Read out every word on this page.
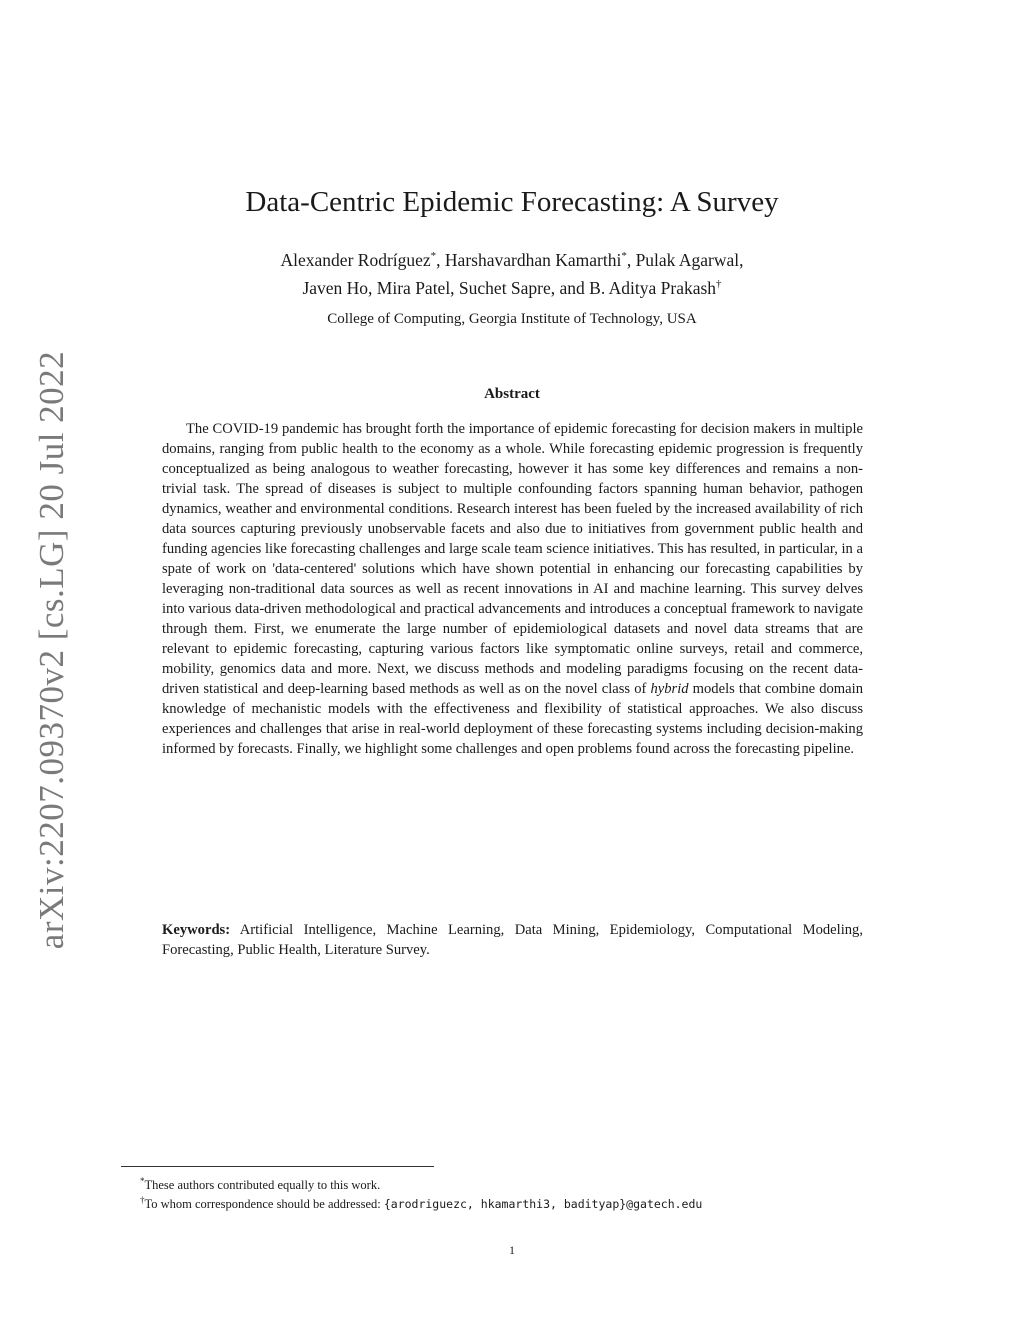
arXiv:2207.09370v2 [cs.LG] 20 Jul 2022
Data-Centric Epidemic Forecasting: A Survey
Alexander Rodríguez*, Harshavardhan Kamarthi*, Pulak Agarwal,
Javen Ho, Mira Patel, Suchet Sapre, and B. Aditya Prakash†
College of Computing, Georgia Institute of Technology, USA
Abstract

The COVID-19 pandemic has brought forth the importance of epidemic forecasting for decision makers in multiple domains, ranging from public health to the economy as a whole. While forecasting epidemic progression is frequently conceptualized as being analogous to weather forecasting, however it has some key differences and remains a non-trivial task. The spread of diseases is subject to multiple confounding factors spanning human behavior, pathogen dynamics, weather and environmental conditions. Research interest has been fueled by the increased availability of rich data sources capturing previously unobservable facets and also due to initiatives from government public health and funding agencies like forecasting challenges and large scale team science initiatives. This has resulted, in particular, in a spate of work on 'data-centered' solutions which have shown potential in enhancing our forecasting capabilities by leveraging non-traditional data sources as well as recent innovations in AI and machine learning. This survey delves into various data-driven methodological and practical advancements and introduces a conceptual framework to navigate through them. First, we enumerate the large number of epidemiological datasets and novel data streams that are relevant to epidemic forecasting, capturing various factors like symptomatic online surveys, retail and commerce, mobility, genomics data and more. Next, we discuss methods and modeling paradigms focusing on the recent data-driven statistical and deep-learning based methods as well as on the novel class of hybrid models that combine domain knowledge of mechanistic models with the effectiveness and flexibility of statistical approaches. We also discuss experiences and challenges that arise in real-world deployment of these forecasting systems including decision-making informed by forecasts. Finally, we highlight some challenges and open problems found across the forecasting pipeline.

Keywords: Artificial Intelligence, Machine Learning, Data Mining, Epidemiology, Computational Modeling, Forecasting, Public Health, Literature Survey.

*These authors contributed equally to this work.
†To whom correspondence should be addressed: {arodriguezc, hkamarthi3, badityap}@gatech.edu
1
